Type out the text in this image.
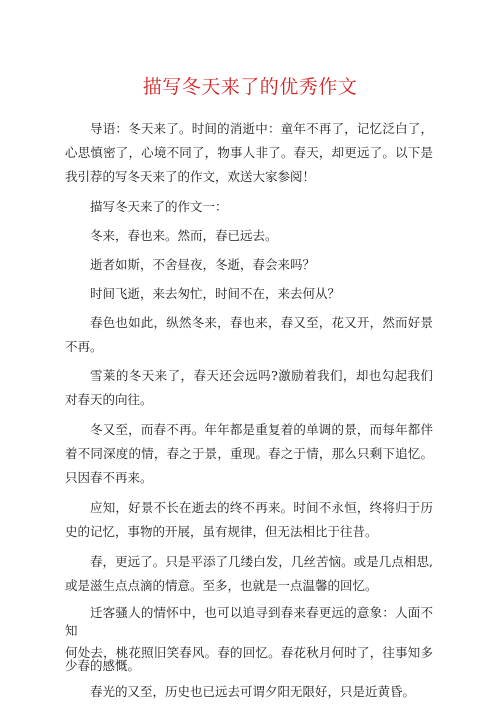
描写冬天来了的优秀作文

导语：冬天来了。时间的消逝中：童年不再了，记忆泛白了，心思慎密了，心境不同了，物事人非了。春天，却更远了。以下是我引荐的写冬天来了的作文，欢送大家参阅！

描写冬天来了的作文一：

冬来，春也来。然而，春已远去。

逝者如斯，不舍昼夜，冬逝，春会来吗？

时间飞逝，来去匆忙，时间不在，来去何从？

春色也如此，纵然冬来，春也来，春又至，花又开，然而好景不再。

雪莱的冬天来了，春天还会远吗?激励着我们，却也勾起我们对春天的向往。

冬又至，而春不再。年年都是重复着的单调的景，而每年都伴着不同深度的情，春之于景，重现。春之于情，那么只剩下追忆。只因春不再来。

应知，好景不长在逝去的终不再来。时间不永恒，终将归于历史的记忆，事物的开展，虽有规律，但无法相比于往昔。

春，更远了。只是平添了几缕白发，几丝苦恼。或是几点相思,或是滋生点点滴的情意。至多，也就是一点温馨的回忆。

迁客骚人的情怀中，也可以追寻到春来春更远的意象：人面不知

何处去，桃花照旧笑春风。春的回忆。春花秋月何时了，往事知多少春的感慨。

春光的又至，历史也已远去可谓夕阳无限好，只是近黄昏。
